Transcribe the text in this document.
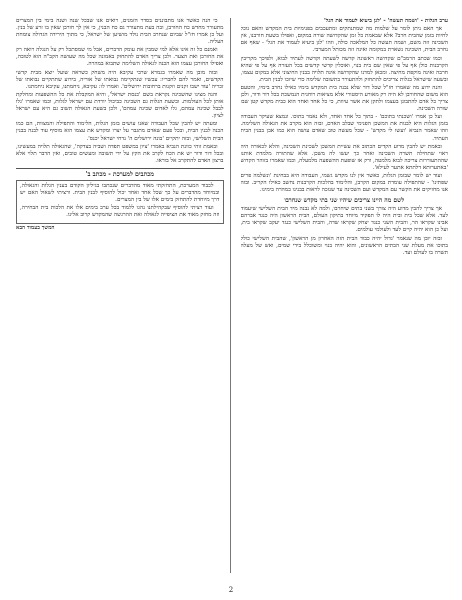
ערב הגלות - 'ושמה תעשה' - 'לגן ביעיא לעמוד את הגל'

אך האם ניתן לומר על שלמות מה שמתנתקים ומתעכבים בפנימיות בית המקדש והאם נוכל לחיות בזמן שהבית חרב? אלא שבאמת כל זמן שהקדושה שורה במקום, ואפילו בשעת חורבנו, אין השכינה זזה משם, ושמה תעשה כל המלאכה כולה, וזהו 'לגן ביעיא לעמוד את הגל' - שאף אם נחרב הבית, השכינה נשארת במקומה ואינה זזה מכותל המערבי.

וכמו שכתב הרמב"ם שקדושה ראשונה קדשה לשעתה וקדשה לעתיד לבוא, ולפיכך מקריבין הקרבנות כולן אף על פי שאין שם בית בנוי, ואוכלין קדשי קדשים בכל העזרה אף על פי שהיא חרבה ואינה מוקפת מחיצה. ומכאן למדנו שהקדושה אינה תלויה בבנין החיצוני אלא במקום עצמו, ובשעה שישראל בגלות צריכים להתחזק ולהתעורר בתשובה שלימה כדי שיזכו לבנין הבית.

והנה ידוע מה שאמרו חז"ל שכל דור שלא נבנה בית המקדש בימיו כאילו נחרב בימיו, והטעם הוא משום שהחורבן לא היה רק מאורע היסטורי אלא מציאות רוחנית הנמשכת בכל דור ודור, ולכן צריך כל אדם להתבונן בעצמו ולתקן את אשר עיוות, כי כל אחד ואחד הוא כבית מקדש קטן שבו שורה השכינה.

ועל כן אמרו 'ושכנתי בתוכם' - בתוך כל אחד ואחד, ולא נאמר בתוכו. ונמצא שעיקר העבודה בזמן הגלות היא לבנות את המשכן הפנימי שבלב האדם, ובזה הוא מקרב את הגאולה השלימה. וזהו שאמר הנביא 'ועשו לי מקדש' - שכל מעשה טוב שאדם עושה הוא כמו אבן בבנין הבית העתיד.

ובאמת יש להבין מדוע הקדים הכתוב את עשיית המשכן לשכינת השכינה, והלא לכאורה היה ראוי שתחילה תשרה השכינה ואחר כך יעשו לה משכן. אלא שהתורה מלמדת אותנו שההתעוררות צריכה לבוא מלמטה, ורק אז שופעת ההשפעה מלמעלה, וכמו שאמרו בזוהר הקדוש 'באתערותא דלתתא אתער לעילא'.

ועוד יש לומר שבזמן הגלות, כאשר אין לנו מקדש גשמי, העבודה היא בבחינת 'ונשלמה פרים שפתינו' - שהתפילה עומדת במקום הקרבן, והלימוד בהלכות הקרבנות נחשב כאילו הקריב. ובזה אנו מחזיקים את הקשר עם המקדש ועם השכינה עד שנזכה לראות בבנינו במהרה בימינו.

לשם מה היינו צריכים שיהיו שני בתי מקדש שנחרבו

אך צריך להבין מדוע היה צורך בשני בתים שיחרבו, ולמה לא נבנה מיד הבית השלישי שיעמוד לעד. אלא שכל בית ובית היה לו תפקיד מיוחד בתיקון העולם, הבית הראשון היה כנגד אברהם אבינו שקראו הר, והבית השני כנגד יצחק שקראו שדה, והבית השלישי כנגד יעקב שקראו בית, ועל כן הוא יהיה קיים לעד ולעולמי עולמים.

ובזה יובן מה שנאמר 'גדול יהיה כבוד הבית הזה האחרון מן הראשון', שהבית השלישי כולל בתוכו את מעלת שני הבתים הראשונים, והוא יהיה בנוי ומשוכלל בידי שמים, ואש של מעלה תשרה בו לעולם ועד.

כי הנה כאשר אנו מתבוננים בסדר הזמנים, רואים אנו שבכל שנה ושנה בימי בין המצרים מתעורר מחדש כח החורבן, ובה בעת מתעורר גם כח הבנין, כי אין לך חורבן שאין בו זרע של בנין. ועל כן אמרו חז"ל שביום שנחרב הבית נולד מושיען של ישראל, כי מתוך הירידה הגדולה צומחת העליה.

ואמנם כל זה אינו אלא למי שמבין את עומק הדברים, אבל מי שמסתכל רק על הנגלה רואה רק את החורבן ואת הצער. ולכן צריך האדם להתחזק באמונה שכל מה שעושה הקב"ה הוא לטובה, ואפילו החורבן עצמו הוא הכנה לגאולה השלימה שתבוא במהרה.

ובזה מובן מה שאמרו בגמרא שרבי עקיבא היה משחק כשראה שועל יוצא מבית קדשי הקדשים, ואמר להם לחבריו: עכשיו שנתקיימה נבואתו של אוריה, בידוע שתתקיים נבואתו של זכריה 'עוד ישבו זקנים וזקנות ברחובות ירושלים'. ואמרו לו: עקיבא, ניחמתנו, עקיבא ניחמתנו.

והנה מצינו שהשכינה נקראת בשם 'כנסת ישראל', והיא המקבלת את כל ההשפעות ומחלקת אותן לכל העולמות. ובשעת הגלות גם השכינה כביכול יורדת עם ישראל לגלות, וכמו שאמרו 'גלו לבבל שכינה עמהם, גלו לאדום שכינה עמהם', ולכן בשעת הגאולה תשוב גם היא עם ישראל לציון.

ומעתה יש להבין שכל העבודה שאנו עושים בזמן הגלות, הלימוד והתפילה והמצוות, הם כמו הכנה לבנין הבית, ובכל פעם שאדם מתגבר על יצרו ומקדש את עצמו הוא מוסיף עוד לבנה בבנין הבית השלישי, ובזה יתקיים 'בונה ירושלים ה' נדחי ישראל יכנס'.

ובאמת זוהי כוונת הנביא באמרו 'ציון במשפט תפדה ושביה בצדקה', שהגאולה תלויה במעשינו, ובכל דור ודור יש את הכח לקרב את הקץ על ידי תשובה ומעשים טובים, ואין הדבר תלוי אלא ברצון האדם להתקרב אל בוראו.

מכתבים למערכת - מכתב ב'

לכבוד המערכת, התחזקתי מאוד מהדברים שנכתבו בגיליון הקודם בענין הגלות והגאולה, ובמיוחד מהדברים על כך שכל אחד ואחד יכול להוסיף לבנין הבית. ורציתי לשאול האם יש דרך מיוחדת להתחזק בימים אלו של בין המצרים.

ועוד רציתי להוסיף שבקהילתנו נהגו ללמוד בכל ערב בימים אלו את הלכות בית הבחירה, וזה מחזק מאוד את הציפייה לגאולה ואת ההרגשה שהמקדש קרוב אלינו.

המשך בעמוד הבא
2
